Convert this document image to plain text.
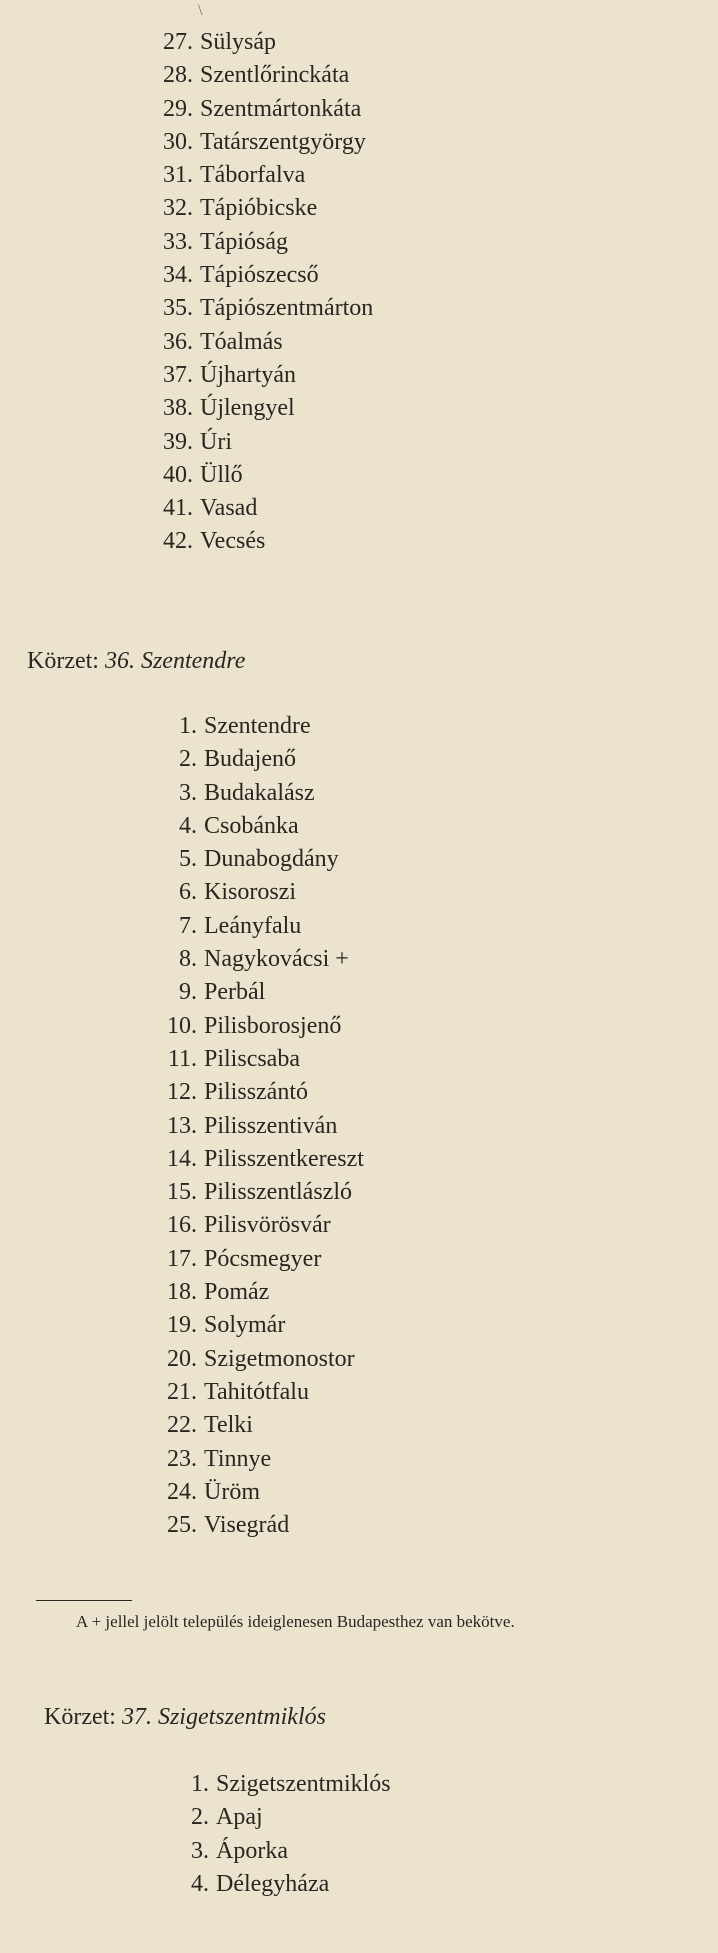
\
27. Sülysáp
28. Szentlőrinckáta
29. Szentmártonkáta
30. Tatárszentgyörgy
31. Táborfalva
32. Tápióbicske
33. Tápióság
34. Tápiószecső
35. Tápiószentmárton
36. Tóalmás
37. Újhartyán
38. Újlengyel
39. Úri
40. Üllő
41. Vasad
42. Vecsés
Körzet: 36. Szentendre
1. Szentendre
2. Budajenő
3. Budakalász
4. Csobánka
5. Dunabogdány
6. Kisoroszi
7. Leányfalu
8. Nagykovácsi +
9. Perbál
10. Pilisborosjenő
11. Piliscsaba
12. Pilisszántó
13. Pilisszentiván
14. Pilisszentkereszt
15. Pilisszentlászló
16. Pilisvörösvár
17. Pócsmegyer
18. Pomáz
19. Solymár
20. Szigetmonostor
21. Tahitótfalu
22. Telki
23. Tinnye
24. Üröm
25. Visegrád
A + jellel jelölt település ideiglenesen Budapesthez van bekötve.
Körzet: 37. Szigetszentmiklós
1. Szigetszentmiklós
2. Apaj
3. Áporka
4. Délegyháza
